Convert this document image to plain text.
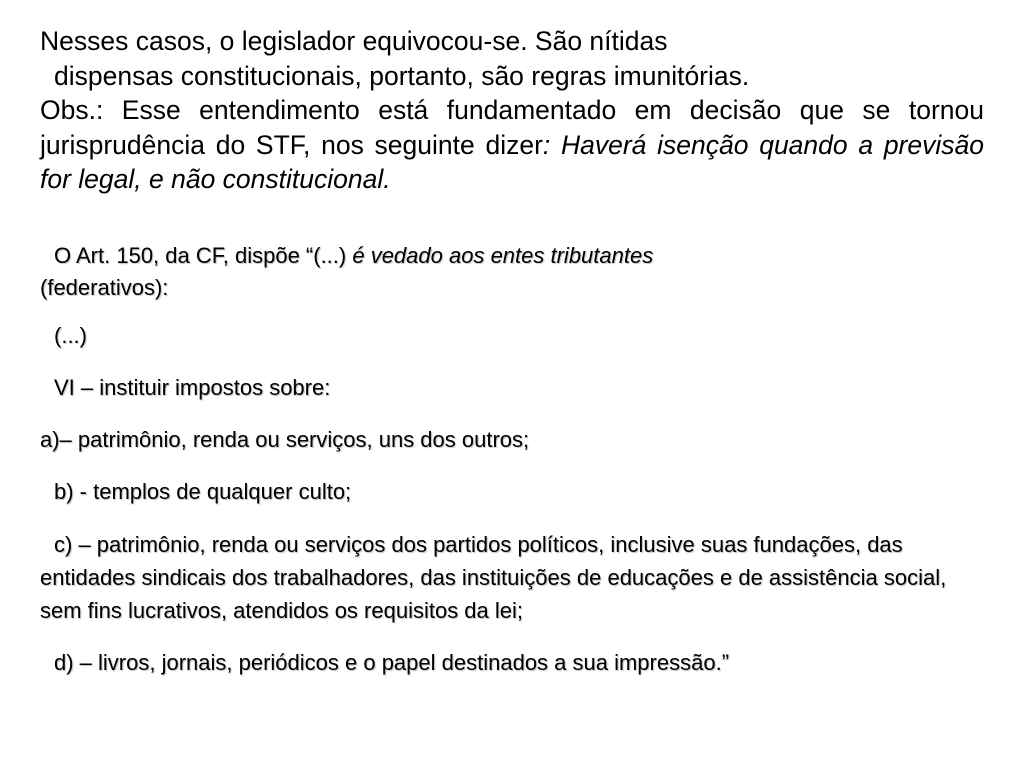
Nesses casos, o legislador equivocou-se. São nítidas

dispensas constitucionais, portanto, são regras imunitórias.

Obs.: Esse entendimento está fundamentado em decisão que se tornou jurisprudência do STF, nos seguinte dizer: Haverá isenção quando a previsão for legal, e não constitucional.

O Art. 150, da CF, dispõe “(...) é vedado aos entes tributantes
(federativos):

(...)

VI – instituir impostos sobre:

a)– patrimônio, renda ou serviços, uns dos outros;

b) - templos de qualquer culto;

c) – patrimônio, renda ou serviços dos partidos políticos, inclusive suas fundações, das entidades sindicais dos trabalhadores, das instituições de educações e de assistência social, sem fins lucrativos, atendidos os requisitos da lei;

d) – livros, jornais, periódicos e o papel destinados a sua impressão.”
